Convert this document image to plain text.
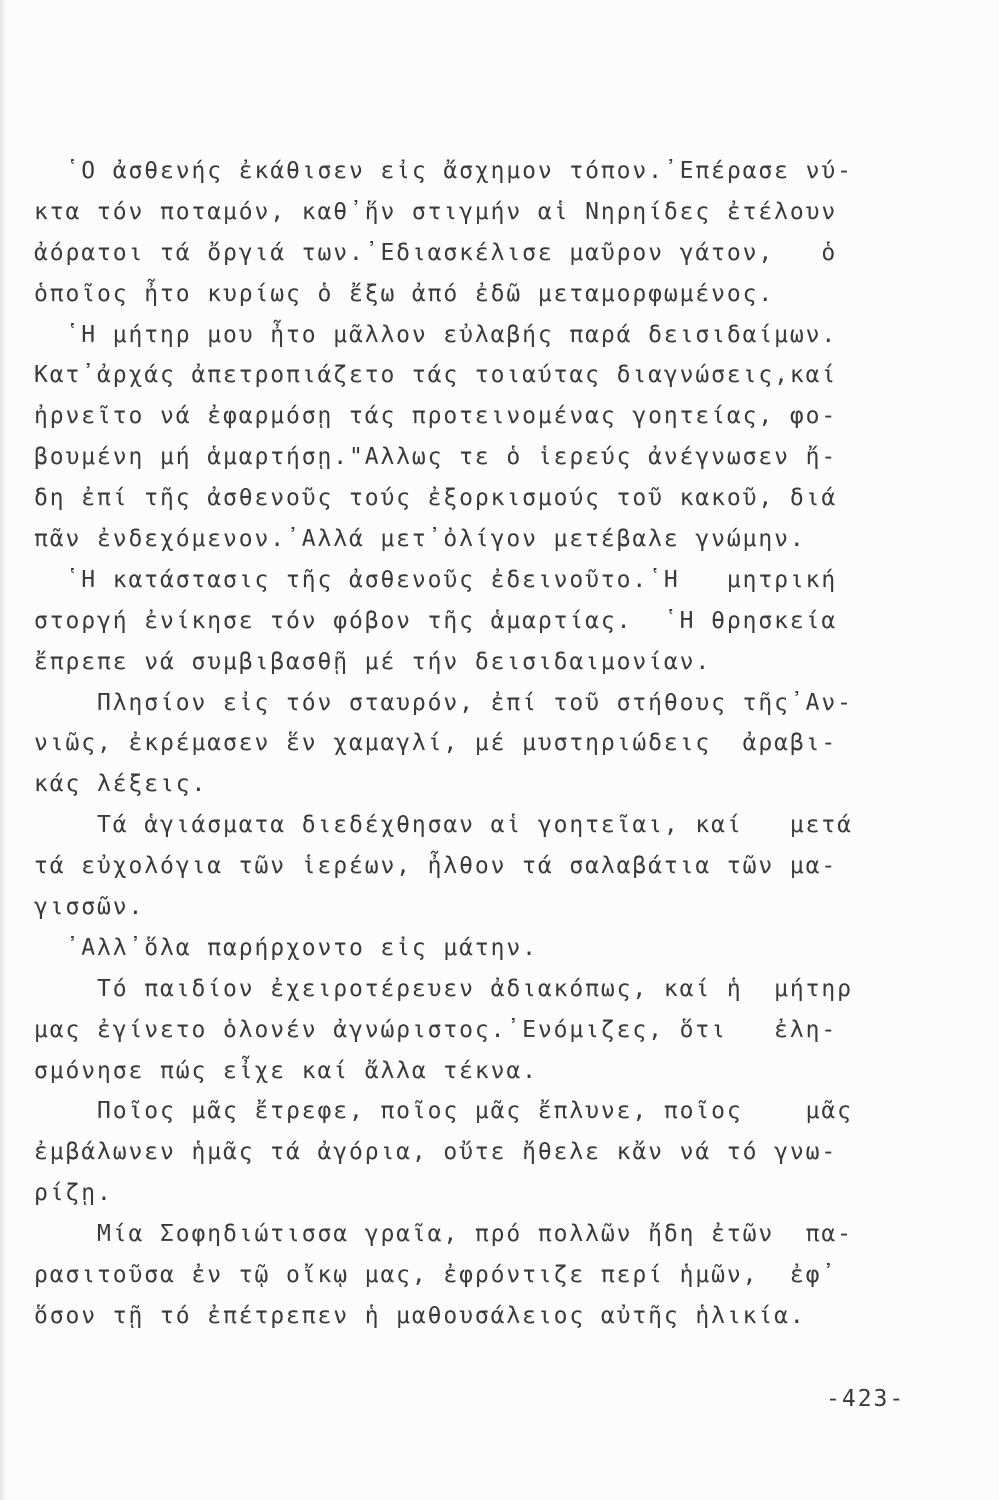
῾Ο ἀσθενής ἐκάθισεν εἰς ἄσχημον τόπον.᾿Επέρασε νύ-
κτα τόν ποταμόν, καθ᾿ἥν στιγμήν αἱ Νηρηίδες ἐτέλουν
ἀόρατοι τά ὄργιά των.᾿Εδιασκέλισε μαῦρον γάτον,   ὁ
ὁποῖος ἦτο κυρίως ὁ ἔξω ἀπό ἐδῶ μεταμορφωμένος.
῾Η μήτηρ μου ἦτο μᾶλλον εὐλαβής παρά δεισιδαίμων.
Κατ᾿ἀρχάς ἀπετροπιάζετο τάς τοιαύτας διαγνώσεις,καί
ἠρνεῖτο νά ἐφαρμόσῃ τάς προτεινομένας γοητείας, φο-
βουμένη μή ἁμαρτήσῃ."Αλλως τε ὁ ἱερεύς ἀνέγνωσεν ἤ-
δη ἐπί τῆς ἀσθενοῦς τούς ἐξορκισμούς τοῦ κακοῦ, διά
πᾶν ἐνδεχόμενον.᾿Αλλά μετ᾿ὀλίγον μετέβαλε γνώμην.
῾Η κατάστασις τῆς ἀσθενοῦς ἐδεινοῦτο.῾Η   μητρική
στοργή ἐνίκησε τόν φόβον τῆς ἁμαρτίας.  ῾Η θρησκεία
ἔπρεπε νά συμβιβασθῇ μέ τήν δεισιδαιμονίαν.
Πλησίον εἰς τόν σταυρόν, ἐπί τοῦ στήθους τῆς᾿Αν-
νιῶς, ἐκρέμασεν ἕν χαμαγλί, μέ μυστηριώδεις  ἀραβι-
κάς λέξεις.
Τά ἁγιάσματα διεδέχθησαν αἱ γοητεῖαι, καί   μετά
τά εὐχολόγια τῶν ἱερέων, ἦλθον τά σαλαβάτια τῶν μα-
γισσῶν.
᾿Αλλ᾿ὅλα παρήρχοντο εἰς μάτην.
Τό παιδίον ἐχειροτέρευεν ἀδιακόπως, καί ἡ  μήτηρ
μας ἐγίνετο ὁλονέν ἀγνώριστος.᾿Ενόμιζες, ὅτι   ἐλη-
σμόνησε πώς εἶχε καί ἄλλα τέκνα.
Ποῖος μᾶς ἔτρεφε, ποῖος μᾶς ἔπλυνε, ποῖος    μᾶς
ἐμβάλωνεν ἡμᾶς τά ἀγόρια, οὔτε ἤθελε κἄν νά τό γνω-
ρίζῃ.
Μία Σοφηδιώτισσα γραῖα, πρό πολλῶν ἤδη ἐτῶν  πα-
ρασιτοῦσα ἐν τῷ οἴκῳ μας, ἐφρόντιζε περί ἡμῶν,  ἐφ᾿
ὅσον τῇ τό ἐπέτρεπεν ἡ μαθουσάλειος αὐτῆς ἡλικία.
-423-
